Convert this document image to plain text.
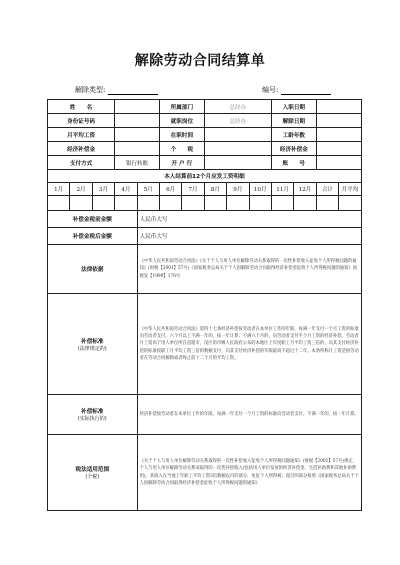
解除劳动合同结算单
解除类型:	编号:
姓　　名					所属部门		总经办			入职日期			
身份证号码					就职岗位		总经办			解除日期			
月平均工资					在职时间					工龄年数			
经济补偿金					个　　税					经济补偿金			
支付方式			银行转账		开 户 行					账　　号			
本人结算前12个月应发工资明细													
1月	2月	3月	4月	5月	6月	7月	8月	9月	10月	11月	12月	合计	月平均

补偿金税前金额				人民币大写									
补偿金税后金额				人民币大写									
法律依据				《中华人民共和国劳动合同法》《关于个人与用人单位解除劳动关系取得的一次性补偿收入征免个人所得税问题的通知》(财税【2001】57号)《国家税务总局关于个人因解除劳动合同取得经济补偿金征收个人所得税问题的通知》国税发【1999】178号									
补偿标准
(法律规定的)				《中华人民共和国劳动合同法》第四十七条经济补偿按劳动者在本单位工作的年限，每满一年支付一个月工资的标准向劳动者支付。六个月以上不满一年的，按一年计算；不满六个月的，向劳动者支付半个月工资的经济补偿。劳动者月工资高于用人单位所在直辖市、设区的市级人民政府公布的本地区上年度职工月平均工资三倍的，向其支付经济补偿的标准按职工月平均工资三倍的数额支付，向其支付经济补偿的年限最高不超过十二年。本条所称月工资是指劳动者在劳动合同解除或者终止前十二个月的平均工资。									
补偿标准
(实际执行的)				经济补偿按劳动者在本单位工作的年限，每满一年支付一个月工资的标准向劳动者支付。不满一年的，按一年计算。									
税法适用范围
(个税)				《关于个人与用人单位解除劳动关系取得的一次性补偿收入征免个人所得税问题通知》(财税【2001】57号)规定，个人与用人单位解除劳动关系而取得的一次性补偿收入(包括用人单位发放的经济补偿金、生活补助费和其他补助费用)，其收入在当地上年职工平均工资3倍数额以内的部分，免征个人所得税；超过的部分按照《国家税务总局关于个人因解除劳动合同取得经济补偿金征收个人所得税问题的通知》									
